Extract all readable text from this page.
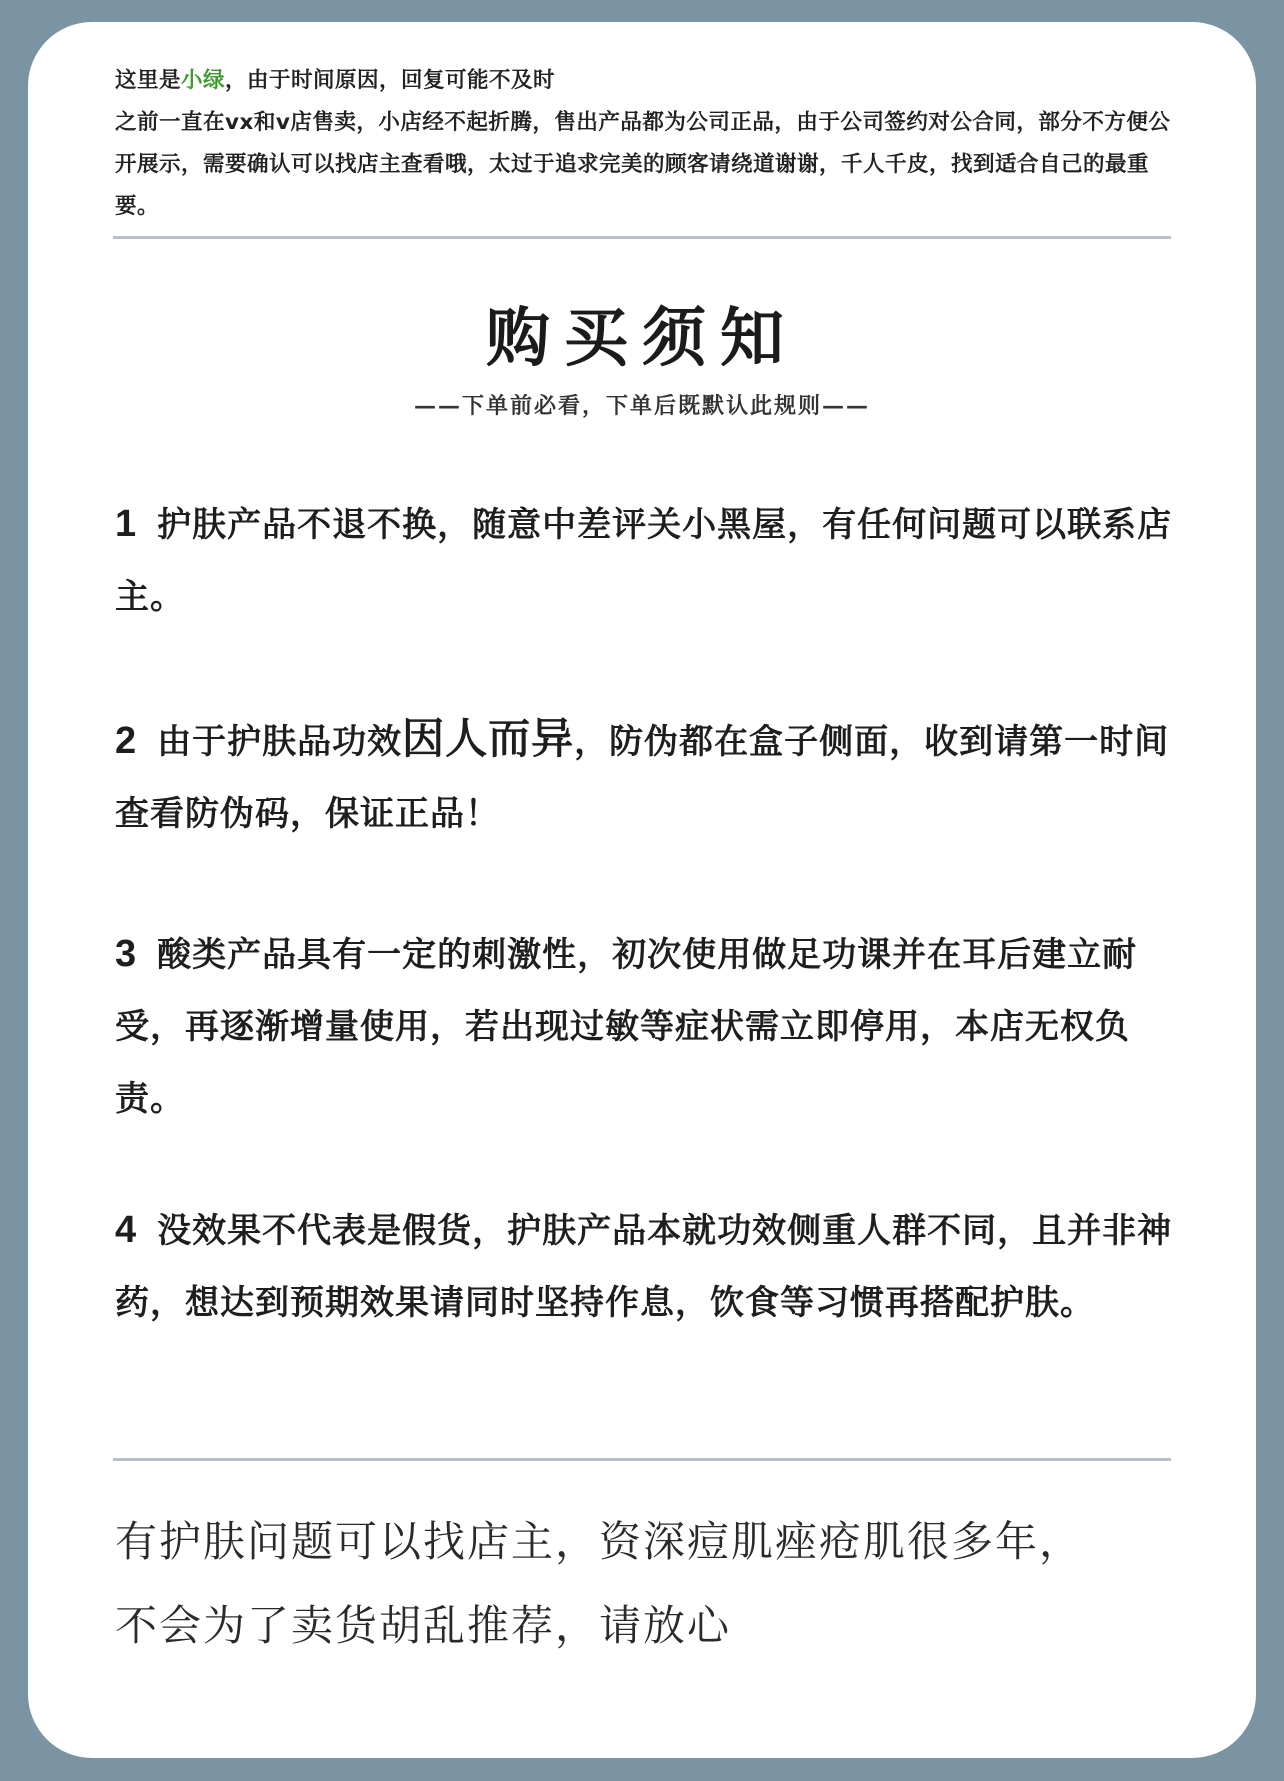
这里是小绿，由于时间原因，回复可能不及时
之前一直在vx和v店售卖，小店经不起折腾，售出产品都为公司正品，由于公司签约对公合同，部分不方便公开展示，需要确认可以找店主查看哦，太过于追求完美的顾客请绕道谢谢，千人千皮，找到适合自己的最重要。
购买须知
——下单前必看，下单后既默认此规则——
1 护肤产品不退不换，随意中差评关小黑屋，有任何问题可以联系店主。
2 由于护肤品功效因人而异，防伪都在盒子侧面，收到请第一时间查看防伪码，保证正品！
3 酸类产品具有一定的刺激性，初次使用做足功课并在耳后建立耐受，再逐渐增量使用，若出现过敏等症状需立即停用，本店无权负责。
4 没效果不代表是假货，护肤产品本就功效侧重人群不同，且并非神药，想达到预期效果请同时坚持作息，饮食等习惯再搭配护肤。
有护肤问题可以找店主，资深痘肌痤疮肌很多年，
不会为了卖货胡乱推荐，请放心
